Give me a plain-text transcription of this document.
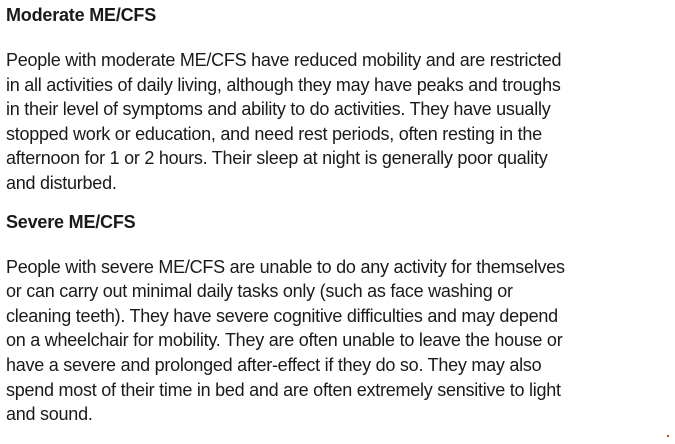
Moderate ME/CFS
People with moderate ME/CFS have reduced mobility and are restricted
in all activities of daily living, although they may have peaks and troughs
in their level of symptoms and ability to do activities. They have usually
stopped work or education, and need rest periods, often resting in the
afternoon for 1 or 2 hours. Their sleep at night is generally poor quality
and disturbed.
Severe ME/CFS
People with severe ME/CFS are unable to do any activity for themselves
or can carry out minimal daily tasks only (such as face washing or
cleaning teeth). They have severe cognitive difficulties and may depend
on a wheelchair for mobility. They are often unable to leave the house or
have a severe and prolonged after-effect if they do so. They may also
spend most of their time in bed and are often extremely sensitive to light
and sound.
